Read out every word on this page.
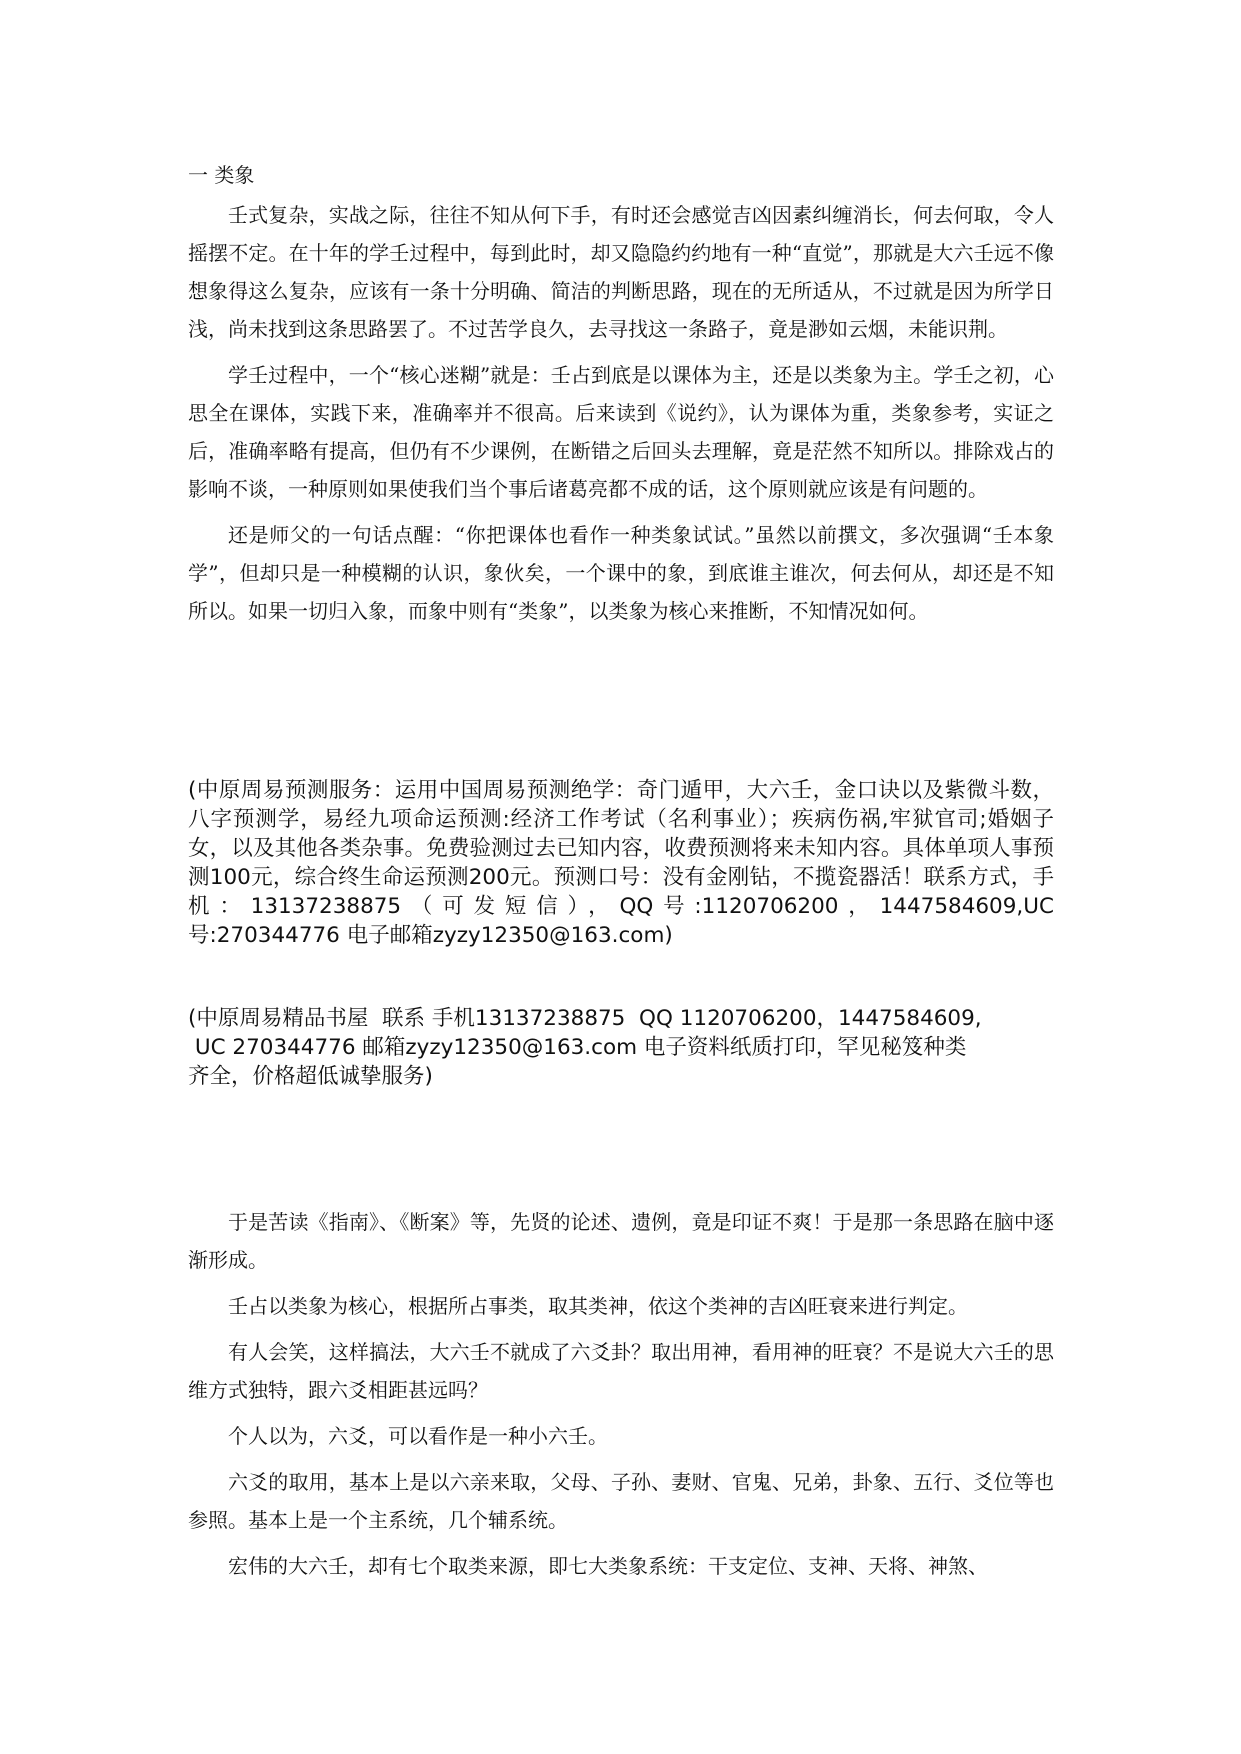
一 类象

壬式复杂，实战之际，往往不知从何下手，有时还会感觉吉凶因素纠缠消长，何去何取，令人摇摆不定。在十年的学壬过程中，每到此时，却又隐隐约约地有一种“直觉”，那就是大六壬远不像想象得这么复杂，应该有一条十分明确、简洁的判断思路，现在的无所适从，不过就是因为所学日浅，尚未找到这条思路罢了。不过苦学良久，去寻找这一条路子，竟是渺如云烟，未能识荆。

学壬过程中，一个“核心迷糊”就是：壬占到底是以课体为主，还是以类象为主。学壬之初，心思全在课体，实践下来，准确率并不很高。后来读到《说约》，认为课体为重，类象参考，实证之后，准确率略有提高，但仍有不少课例，在断错之后回头去理解，竟是茫然不知所以。排除戏占的影响不谈，一种原则如果使我们当个事后诸葛亮都不成的话，这个原则就应该是有问题的。

还是师父的一句话点醒：“你把课体也看作一种类象试试。”虽然以前撰文，多次强调“壬本象学”，但却只是一种模糊的认识，象伙矣，一个课中的象，到底谁主谁次，何去何从，却还是不知所以。如果一切归入象，而象中则有“类象”，以类象为核心来推断，不知情况如何。

(中原周易预测服务：运用中国周易预测绝学：奇门遁甲，大六壬，金口诀以及紫微斗数，八字预测学，易经九项命运预测:经济工作考试（名利事业）；疾病伤祸,牢狱官司;婚姻子女，以及其他各类杂事。免费验测过去已知内容，收费预测将来未知内容。具体单项人事预测100元，综合终生命运预测200元。预测口号：没有金刚钻，不揽瓷器活！联系方式，手机：13137238875（可发短信），QQ号:1120706200，1447584609,UC号:270344776 电子邮箱zyzy12350@163.com)

(中原周易精品书屋  联系 手机13137238875  QQ 1120706200，1447584609,
UC 270344776 邮箱zyzy12350@163.com 电子资料纸质打印，罕见秘笈种类
齐全，价格超低诚挚服务)

于是苦读《指南》、《断案》等，先贤的论述、遗例，竟是印证不爽！于是那一条思路在脑中逐渐形成。

壬占以类象为核心，根据所占事类，取其类神，依这个类神的吉凶旺衰来进行判定。

有人会笑，这样搞法，大六壬不就成了六爻卦？取出用神，看用神的旺衰？不是说大六壬的思维方式独特，跟六爻相距甚远吗？

个人以为，六爻，可以看作是一种小六壬。

六爻的取用，基本上是以六亲来取，父母、子孙、妻财、官鬼、兄弟，卦象、五行、爻位等也参照。基本上是一个主系统，几个辅系统。

宏伟的大六壬，却有七个取类来源，即七大类象系统：干支定位、支神、天将、神煞、
